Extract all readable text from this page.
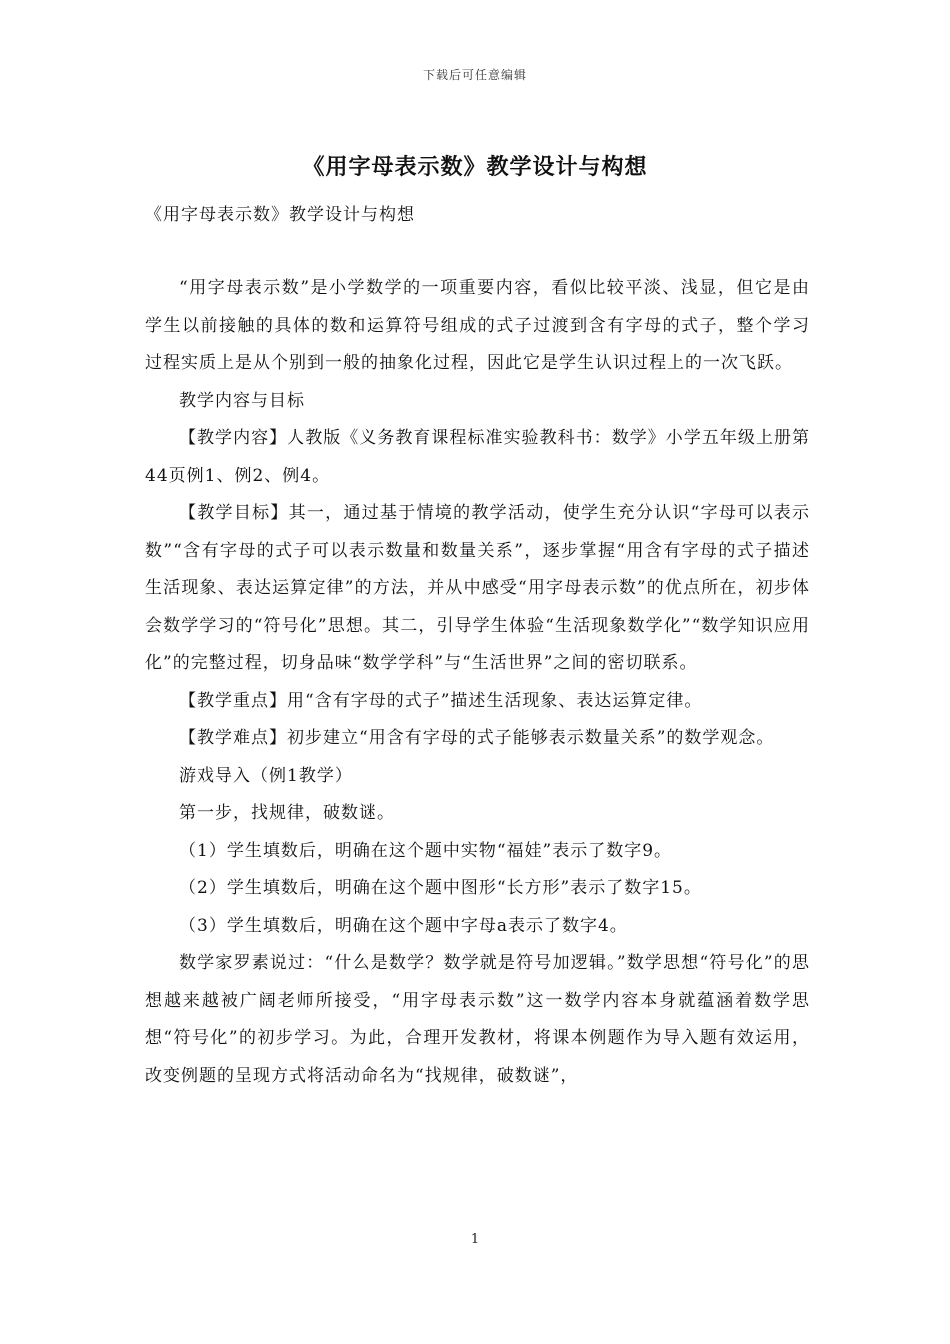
下载后可任意编辑
《用字母表示数》教学设计与构想
《用字母表示数》教学设计与构想

“用字母表示数”是小学数学的一项重要内容，看似比较平淡、浅显，但它是由学生以前接触的具体的数和运算符号组成的式子过渡到含有字母的式子，整个学习过程实质上是从个别到一般的抽象化过程，因此它是学生认识过程上的一次飞跃。

教学内容与目标

【教学内容】人教版《义务教育课程标准实验教科书：数学》小学五年级上册第44页例1、例2、例4。

【教学目标】其一，通过基于情境的教学活动，使学生充分认识“字母可以表示数”“含有字母的式子可以表示数量和数量关系”，逐步掌握“用含有字母的式子描述生活现象、表达运算定律”的方法，并从中感受“用字母表示数”的优点所在，初步体会数学学习的“符号化”思想。其二，引导学生体验“生活现象数学化”“数学知识应用化”的完整过程，切身品味“数学学科”与“生活世界”之间的密切联系。

【教学重点】用“含有字母的式子”描述生活现象、表达运算定律。

【教学难点】初步建立“用含有字母的式子能够表示数量关系”的数学观念。

游戏导入（例1教学）

第一步，找规律，破数谜。

（1）学生填数后，明确在这个题中实物“福娃”表示了数字9。

（2）学生填数后，明确在这个题中图形“长方形”表示了数字15。

（3）学生填数后，明确在这个题中字母a表示了数字4。

数学家罗素说过：“什么是数学？数学就是符号加逻辑。”数学思想“符号化”的思想越来越被广阔老师所接受，“用字母表示数”这一数学内容本身就蕴涵着数学思想“符号化”的初步学习。为此，合理开发教材，将课本例题作为导入题有效运用，改变例题的呈现方式将活动命名为“找规律，破数谜”，

1
